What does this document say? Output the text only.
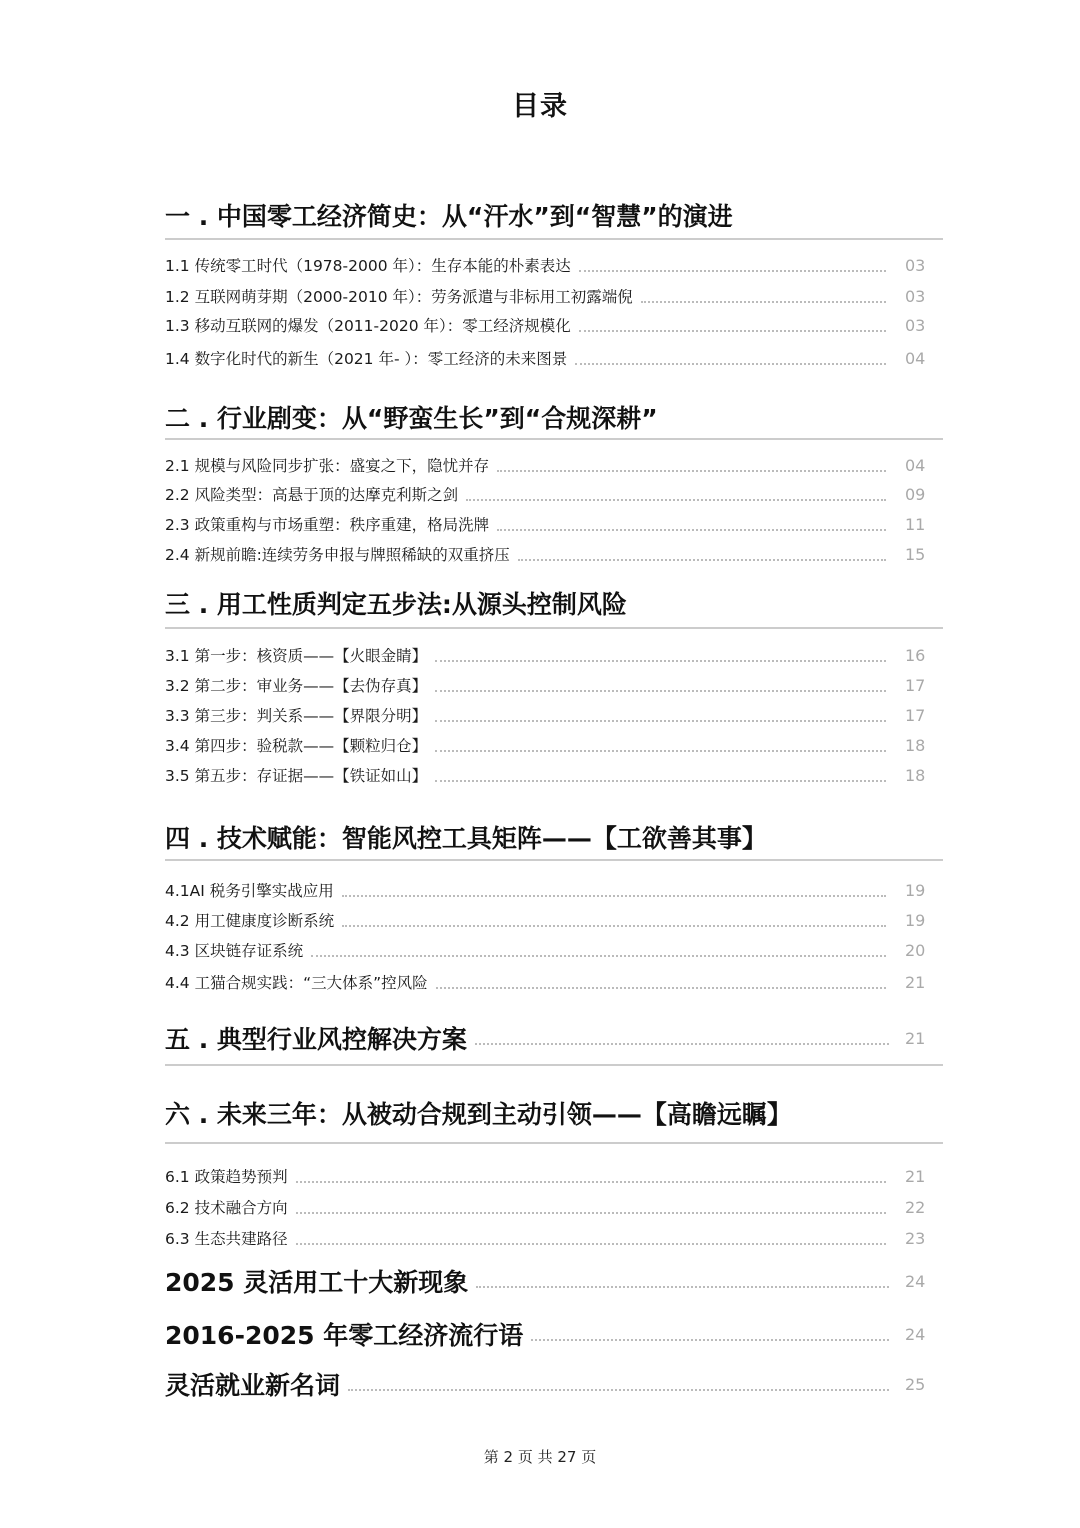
目录
一 . 中国零工经济简史：从“汗水”到“智慧”的演进
1.1 传统零工时代（1978-2000 年）：生存本能的朴素表达	03
1.2 互联网萌芽期（2000-2010 年）：劳务派遣与非标用工初露端倪	03
1.3 移动互联网的爆发（2011-2020 年）：零工经济规模化	03
1.4 数字化时代的新生（2021 年- ）：零工经济的未来图景	04
二 . 行业剧变：从“野蛮生长”到“合规深耕”
2.1 规模与风险同步扩张：盛宴之下，隐忧并存	04
2.2 风险类型：高悬于顶的达摩克利斯之剑	09
2.3 政策重构与市场重塑：秩序重建，格局洗牌	11
2.4 新规前瞻:连续劳务申报与牌照稀缺的双重挤压	15
三 . 用工性质判定五步法:从源头控制风险
3.1 第一步：核资质——【火眼金睛】	16
3.2 第二步：审业务——【去伪存真】	17
3.3 第三步：判关系——【界限分明】	17
3.4 第四步：验税款——【颗粒归仓】	18
3.5 第五步：存证据——【铁证如山】	18
四 . 技术赋能：智能风控工具矩阵——【工欲善其事】
4.1AI 税务引擎实战应用	19
4.2 用工健康度诊断系统	19
4.3 区块链存证系统	20
4.4 工猫合规实践：“三大体系”控风险	21
五 . 典型行业风控解决方案	21
六 . 未来三年：从被动合规到主动引领——【高瞻远瞩】
6.1 政策趋势预判	21
6.2 技术融合方向	22
6.3 生态共建路径	23
2025 灵活用工十大新现象	24
2016-2025 年零工经济流行语	24
灵活就业新名词	25
第 2 页 共 27 页
